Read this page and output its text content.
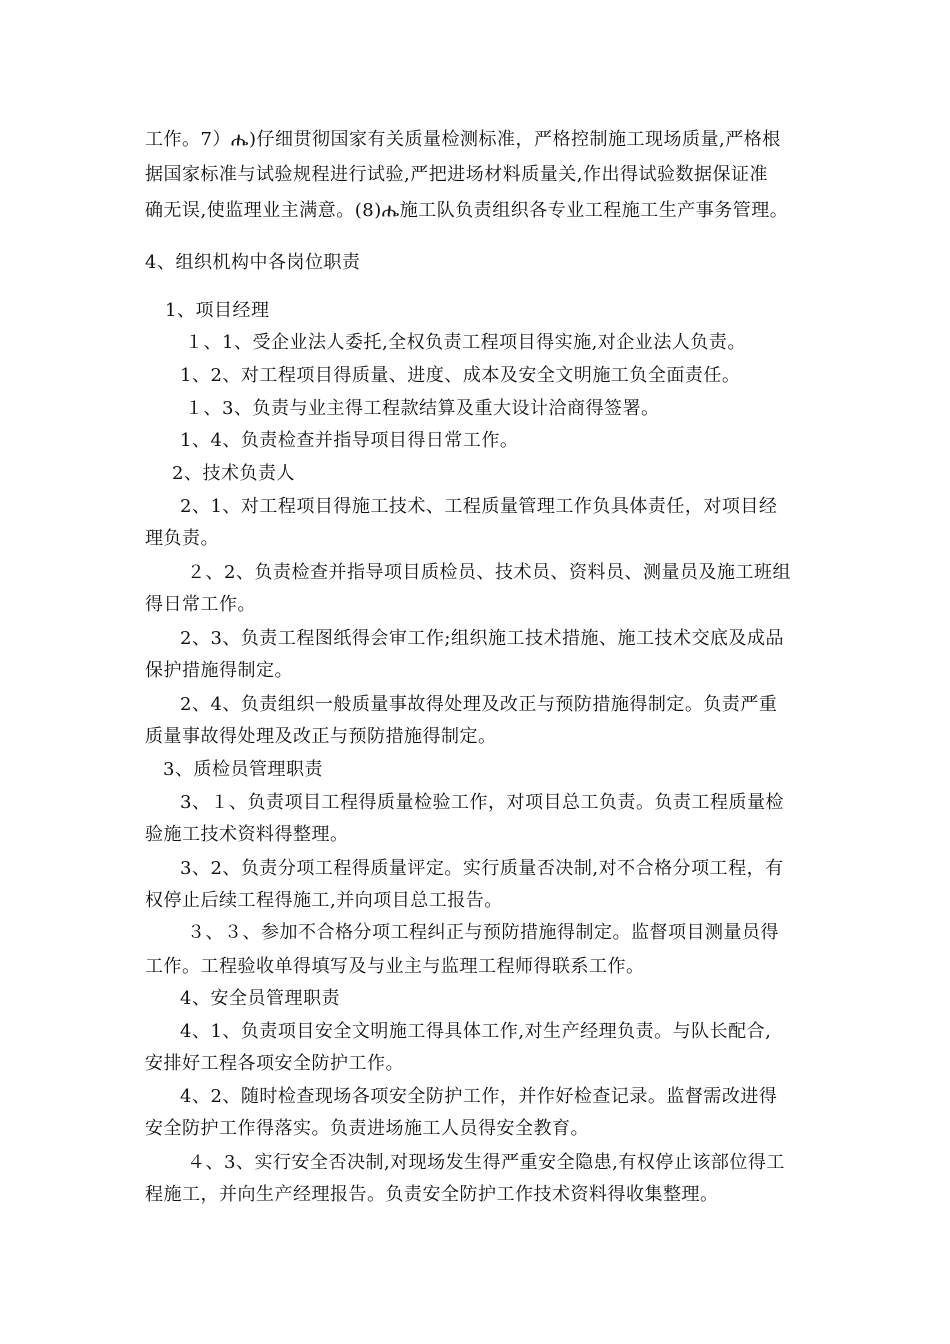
工作。7）ሔ)仔细贯彻国家有关质量检测标准，严格控制施工现场质量,严格根
据国家标准与试验规程进行试验,严把进场材料质量关,作出得试验数据保证准
确无误,使监理业主满意。(8)ሔ施工队负责组织各专业工程施工生产事务管理。
4、组织机构中各岗位职责
1、项目经理
１、1、受企业法人委托,全权负责工程项目得实施,对企业法人负责。
1、2、对工程项目得质量、进度、成本及安全文明施工负全面责任。
１、3、负责与业主得工程款结算及重大设计洽商得签署。
1、4、负责检查并指导项目得日常工作。
2、技术负责人
2、1、对工程项目得施工技术、工程质量管理工作负具体责任，对项目经
理负责。
２、2、负责检查并指导项目质检员、技术员、资料员、测量员及施工班组
得日常工作。
2、3、负责工程图纸得会审工作;组织施工技术措施、施工技术交底及成品
保护措施得制定。
2、4、负责组织一般质量事故得处理及改正与预防措施得制定。负责严重
质量事故得处理及改正与预防措施得制定。
3、质检员管理职责
3、１、负责项目工程得质量检验工作，对项目总工负责。负责工程质量检
验施工技术资料得整理。
3、2、负责分项工程得质量评定。实行质量否决制,对不合格分项工程，有
权停止后续工程得施工,并向项目总工报告。
３、３、参加不合格分项工程纠正与预防措施得制定。监督项目测量员得
工作。工程验收单得填写及与业主与监理工程师得联系工作。
4、安全员管理职责
4、1、负责项目安全文明施工得具体工作,对生产经理负责。与队长配合,
安排好工程各项安全防护工作。
4、2、随时检查现场各项安全防护工作，并作好检查记录。监督需改进得
安全防护工作得落实。负责进场施工人员得安全教育。
４、3、实行安全否决制,对现场发生得严重安全隐患,有权停止该部位得工
程施工，并向生产经理报告。负责安全防护工作技术资料得收集整理。
